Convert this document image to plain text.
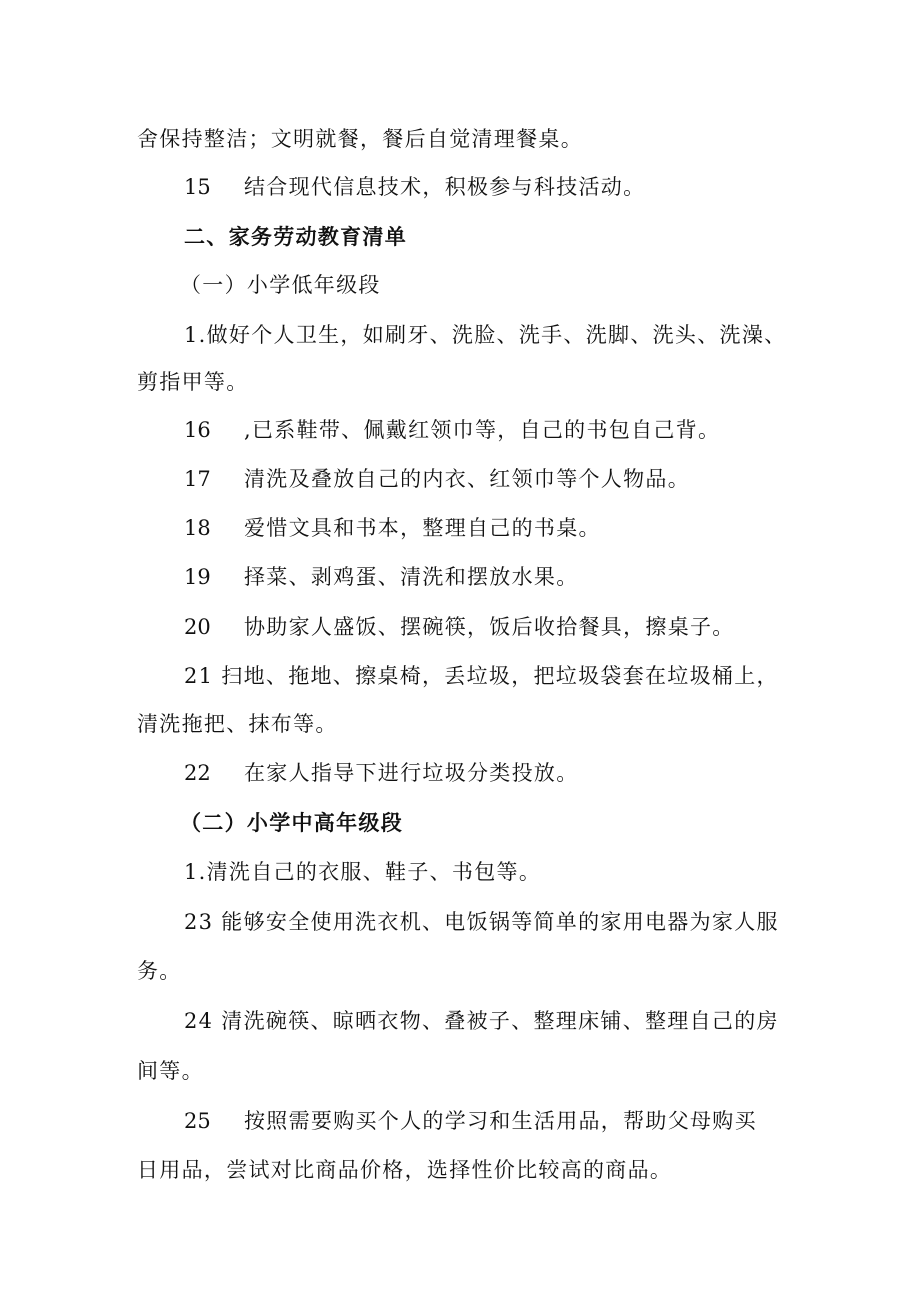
舍保持整洁；文明就餐，餐后自觉清理餐桌。
15 结合现代信息技术，积极参与科技活动。
二、家务劳动教育清单
（一）小学低年级段
1.做好个人卫生，如刷牙、洗脸、洗手、洗脚、洗头、洗澡、
剪指甲等。
16 ,已系鞋带、佩戴红领巾等，自己的书包自己背。
17 清洗及叠放自己的内衣、红领巾等个人物品。
18 爱惜文具和书本，整理自己的书桌。
19 择菜、剥鸡蛋、清洗和摆放水果。
20 协助家人盛饭、摆碗筷，饭后收拾餐具，擦桌子。
21 扫地、拖地、擦桌椅，丢垃圾，把垃圾袋套在垃圾桶上，
清洗拖把、抹布等。
22 在家人指导下进行垃圾分类投放。
（二）小学中高年级段
1.清洗自己的衣服、鞋子、书包等。
23 能够安全使用洗衣机、电饭锅等简单的家用电器为家人服
务。
24 清洗碗筷、晾晒衣物、叠被子、整理床铺、整理自己的房
间等。
25 按照需要购买个人的学习和生活用品，帮助父母购买
日用品，尝试对比商品价格，选择性价比较高的商品。
